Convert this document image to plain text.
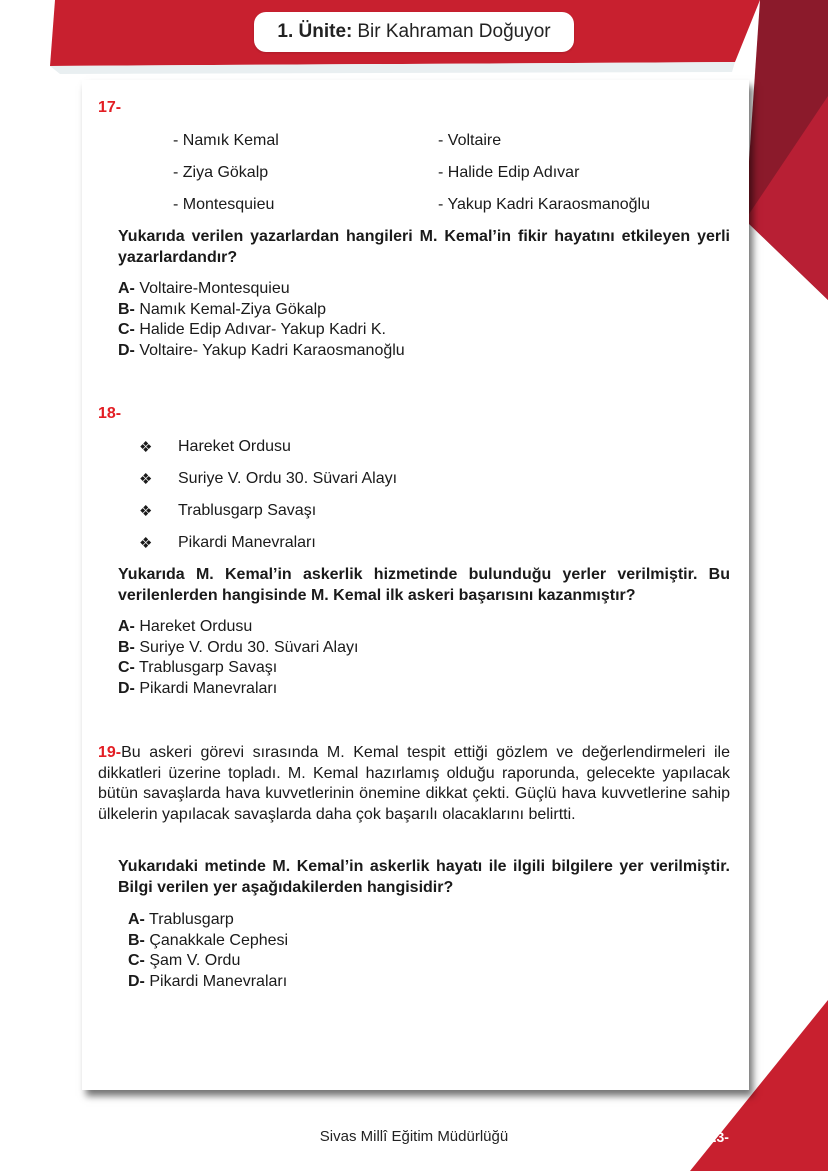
1. Ünite: Bir Kahraman Doğuyor
17-
- Namık Kemal
- Ziya Gökalp
- Montesquieu
- Voltaire
- Halide Edip Adıvar
- Yakup Kadri Karaosmanoğlu
Yukarıda verilen yazarlardan hangileri M. Kemal’in fikir hayatını etkileyen yerli yazarlardandır?
A- Voltaire-Montesquieu
B- Namık Kemal-Ziya Gökalp
C- Halide Edip Adıvar- Yakup Kadri K.
D- Voltaire- Yakup Kadri Karaosmanoğlu
18-
❖ Hareket Ordusu
❖ Suriye V. Ordu 30. Süvari Alayı
❖ Trablusgarp Savaşı
❖ Pikardi Manevraları
Yukarıda M. Kemal’in askerlik hizmetinde bulunduğu yerler verilmiştir. Bu verilenlerden hangisinde M. Kemal ilk askeri başarısını kazanmıştır?
A- Hareket Ordusu
B- Suriye V. Ordu 30. Süvari Alayı
C- Trablusgarp Savaşı
D- Pikardi Manevraları
19-Bu askeri görevi sırasında M. Kemal tespit ettiği gözlem ve değerlendirmeleri ile dikkatleri üzerine topladı. M. Kemal hazırlamış olduğu raporunda, gelecekte yapılacak bütün savaşlarda hava kuvvetlerinin önemine dikkat çekti. Güçlü hava kuvvetlerine sahip ülkelerin yapılacak savaşlarda daha çok başarılı olacaklarını belirtti.
Yukarıdaki metinde M. Kemal’in askerlik hayatı ile ilgili bilgilere yer verilmiştir. Bilgi verilen yer aşağıdakilerden hangisidir?
A- Trablusgarp
B- Çanakkale Cephesi
C- Şam V. Ordu
D- Pikardi Manevraları
Sivas Millî Eğitim Müdürlüğü	-23-
